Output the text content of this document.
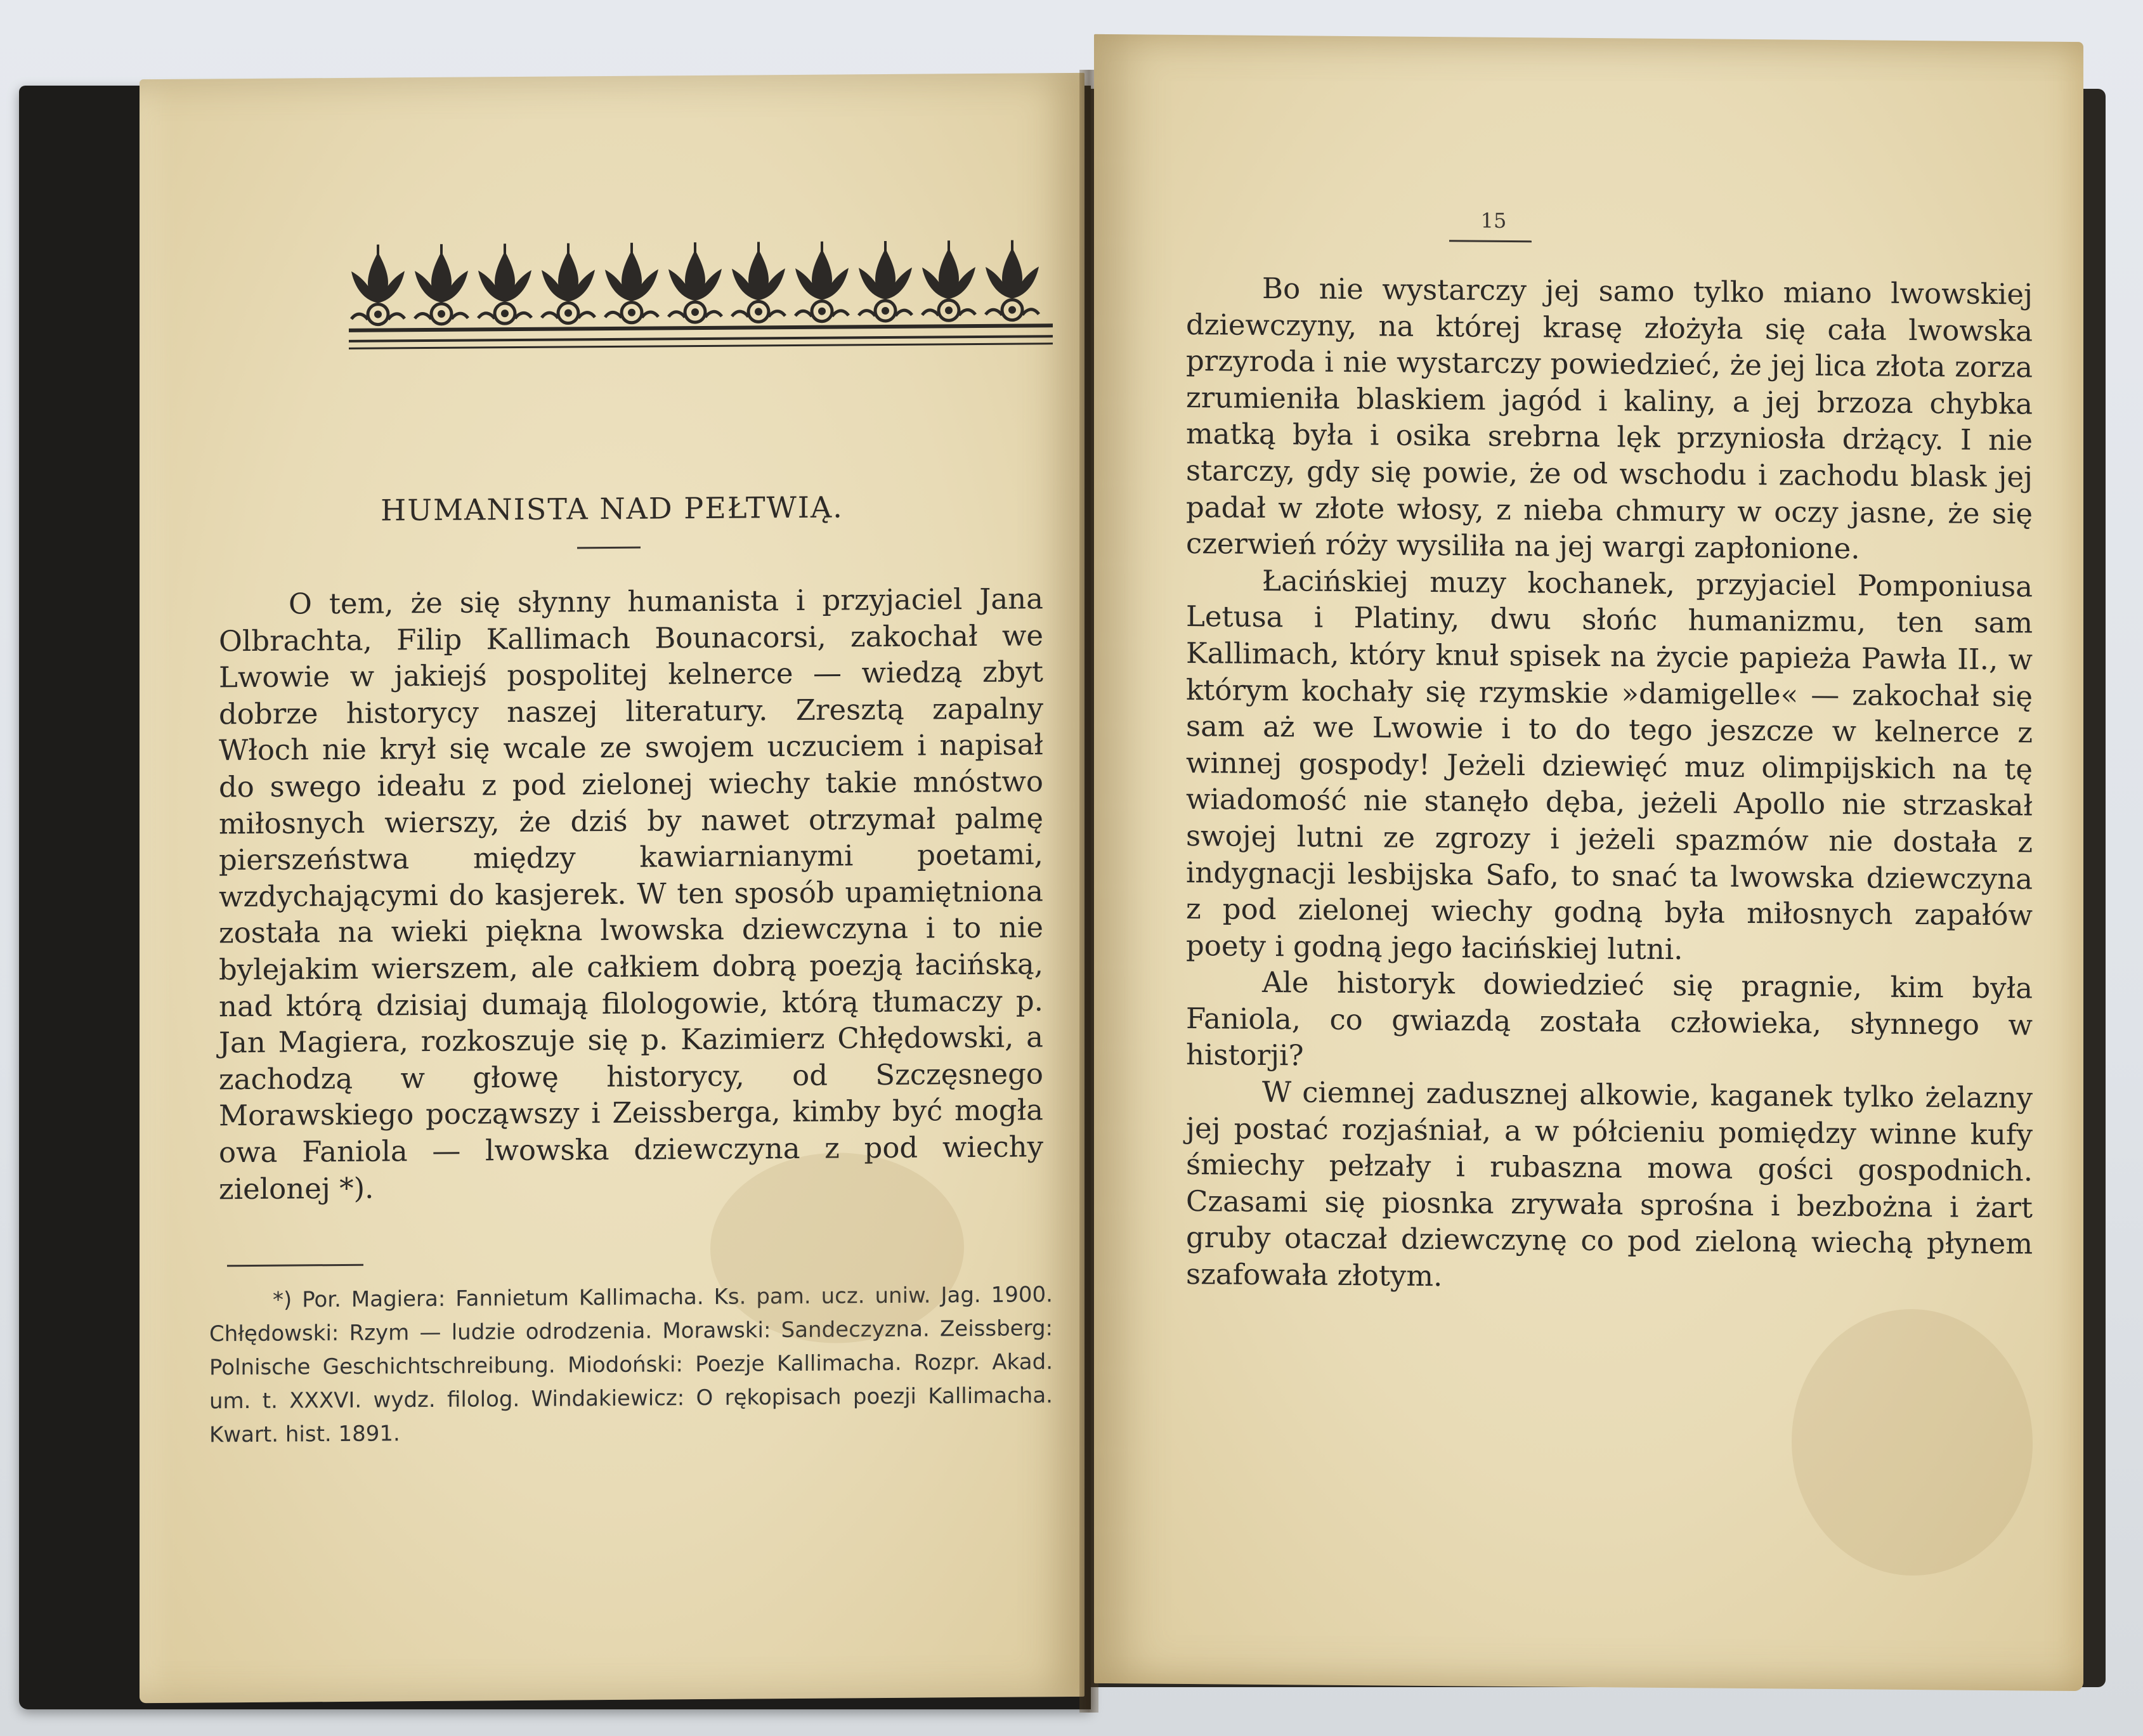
HUMANISTA NAD PEŁTWIĄ.
O tem, że się słynny humanista i przyjaciel Jana Olbrachta, Filip Kallimach Bounacorsi, zakochał we Lwowie w jakiejś pospolitej kelnerce — wiedzą zbyt dobrze historycy naszej literatury. Zresztą zapalny Włoch nie krył się wcale ze swojem uczuciem i napisał do swego ideału z pod zielonej wiechy takie mnóstwo miłosnych wierszy, że dziś by nawet otrzymał palmę pierszeństwa między kawiarnianymi poetami, wzdychającymi do kasjerek. W ten sposób upamiętniona została na wieki piękna lwowska dziewczyna i to nie bylejakim wierszem, ale całkiem dobrą poezją łacińską, nad którą dzisiaj dumają filologowie, którą tłumaczy p. Jan Magiera, rozkoszuje się p. Kazimierz Chłędowski, a zachodzą w głowę historycy, od Szczęsnego Morawskiego począwszy i Zeissberga, kimby być mogła owa Faniola — lwowska dziewczyna z pod wiechy zielonej *).
*) Por. Magiera: Fannietum Kallimacha. Ks. pam. ucz. uniw. Jag. 1900. Chłędowski: Rzym — ludzie odrodzenia. Morawski: Sandeczyzna. Zeissberg: Polnische Geschichtschreibung. Miodoński: Poezje Kallimacha. Rozpr. Akad. um. t. XXXVI. wydz. filolog. Windakiewicz: O rękopisach poezji Kallimacha. Kwart. hist. 1891.
15

Bo nie wystarczy jej samo tylko miano lwowskiej dziewczyny, na której krasę złożyła się cała lwowska przyroda i nie wystarczy powiedzieć, że jej lica złota zorza zrumieniła blaskiem jagód i kaliny, a jej brzoza chybka matką była i osika srebrna lęk przyniosła drżący. I nie starczy, gdy się powie, że od wschodu i zachodu blask jej padał w złote włosy, z nieba chmury w oczy jasne, że się czerwień róży wysiliła na jej wargi zapłonione.

Łacińskiej muzy kochanek, przyjaciel Pomponiusa Letusa i Platiny, dwu słońc humanizmu, ten sam Kallimach, który knuł spisek na życie papieża Pawła II., w którym kochały się rzymskie »damigelle« — zakochał się sam aż we Lwowie i to do tego jeszcze w kelnerce z winnej gospody! Jeżeli dziewięć muz olimpijskich na tę wiadomość nie stanęło dęba, jeżeli Apollo nie strzaskał swojej lutni ze zgrozy i jeżeli spazmów nie dostała z indygnacji lesbijska Safo, to snać ta lwowska dziewczyna z pod zielonej wiechy godną była miłosnych zapałów poety i godną jego łacińskiej lutni.

Ale historyk dowiedzieć się pragnie, kim była Faniola, co gwiazdą została człowieka, słynnego w historji?

W ciemnej zadusznej alkowie, kaganek tylko żelazny jej postać rozjaśniał, a w półcieniu pomiędzy winne kufy śmiechy pełzały i rubaszna mowa gości gospodnich. Czasami się piosnka zrywała sprośna i bezbożna i żart gruby otaczał dziewczynę co pod zieloną wiechą płynem szafowała złotym.
